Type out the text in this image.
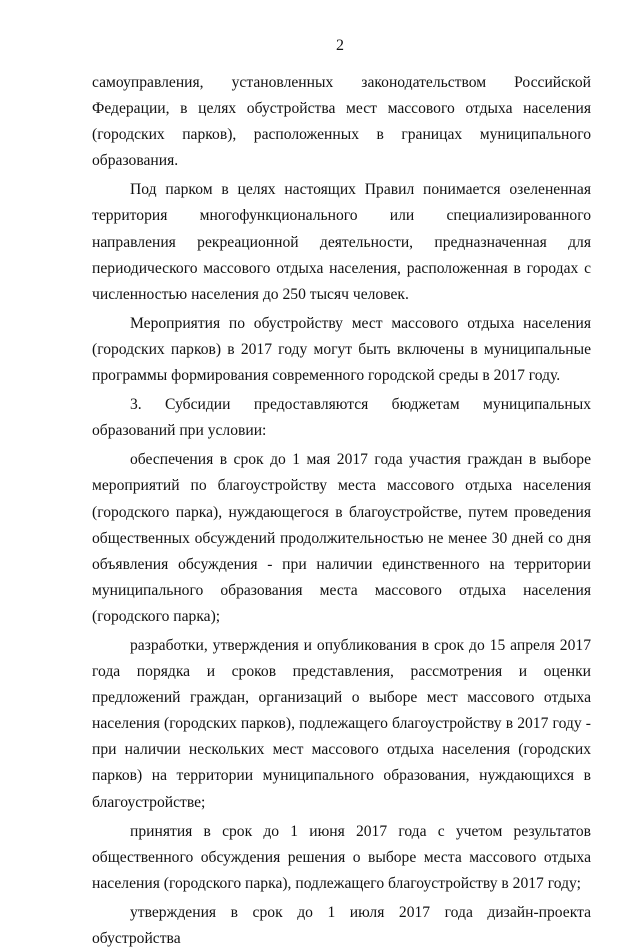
2

самоуправления, установленных законодательством Российской Федерации, в целях обустройства мест массового отдыха населения (городских парков), расположенных в границах муниципального образования.

Под парком в целях настоящих Правил понимается озелененная территория многофункционального или специализированного направления рекреационной деятельности, предназначенная для периодического массового отдыха населения, расположенная в городах с численностью населения до 250 тысяч человек.

Мероприятия по обустройству мест массового отдыха населения (городских парков) в 2017 году могут быть включены в муниципальные программы формирования современного городской среды в 2017 году.

3. Субсидии предоставляются бюджетам муниципальных образований при условии:

обеспечения в срок до 1 мая 2017 года участия граждан в выборе мероприятий по благоустройству места массового отдыха населения (городского парка), нуждающегося в благоустройстве, путем проведения общественных обсуждений продолжительностью не менее 30 дней со дня объявления обсуждения - при наличии единственного на территории муниципального образования места массового отдыха населения (городского парка);

разработки, утверждения и опубликования в срок до 15 апреля 2017 года порядка и сроков представления, рассмотрения и оценки предложений граждан, организаций о выборе мест массового отдыха населения (городских парков), подлежащего благоустройству в 2017 году - при наличии нескольких мест массового отдыха населения (городских парков) на территории муниципального образования, нуждающихся в благоустройстве;

принятия в срок до 1 июня 2017 года с учетом результатов общественного обсуждения решения о выборе места массового отдыха населения (городского парка), подлежащего благоустройству в 2017 году;

утверждения в срок до 1 июля 2017 года дизайн-проекта обустройства
